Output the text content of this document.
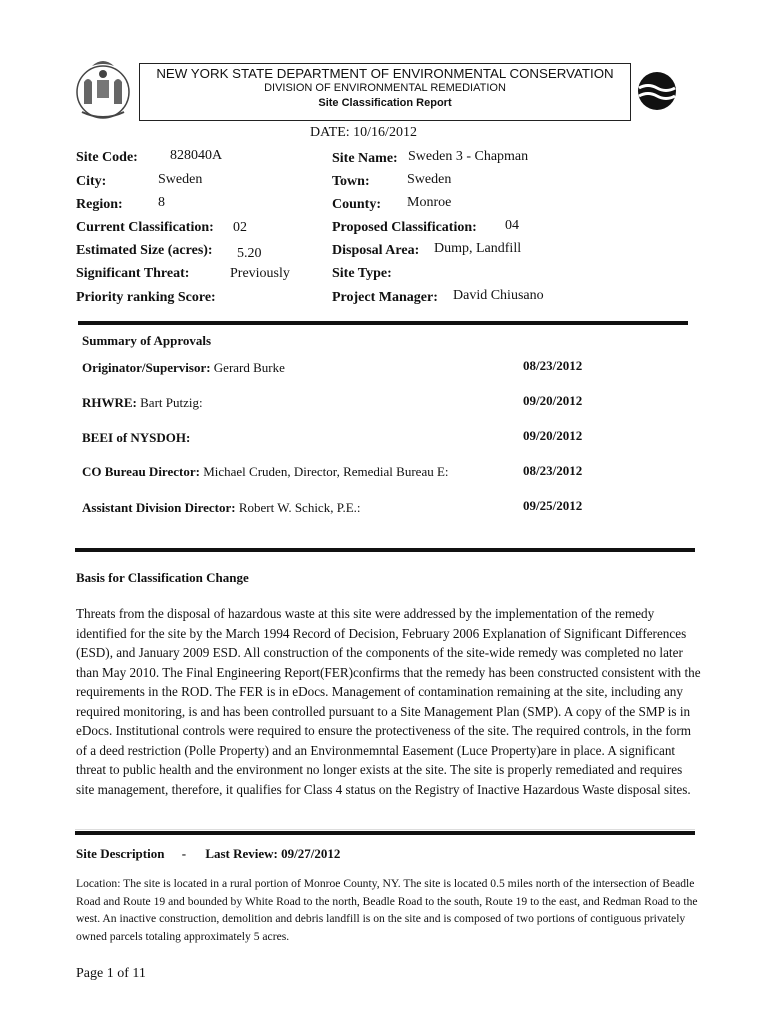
NEW YORK STATE DEPARTMENT OF ENVIRONMENTAL CONSERVATION
DIVISION OF ENVIRONMENTAL REMEDIATION
Site Classification Report
DATE: 10/16/2012
Site Code: 828040A
City:	Sweden
Region:	8
Current Classification: 02
Estimated Size (acres): 5.20
Significant Threat:	Previously
Priority ranking Score:
Site Name: Sweden 3 - Chapman
Town:	Sweden
County: Monroe
Proposed Classification: 04
Disposal Area: Dump, Landfill
Site Type:
Project Manager: David Chiusano
Summary of Approvals
Originator/Supervisor: Gerard Burke	08/23/2012
RHWRE: Bart Putzig:	09/20/2012
BEEI of NYSDOH:	09/20/2012
CO Bureau Director: Michael Cruden, Director, Remedial Bureau E:	08/23/2012
Assistant Division Director: Robert W. Schick, P.E.:	09/25/2012
Basis for Classification Change
Threats from the disposal of hazardous waste at this site were addressed by the implementation of the remedy identified for the site by the March 1994 Record of Decision, February 2006 Explanation of Significant Differences (ESD), and January 2009 ESD. All construction of the components of the site-wide remedy was completed no later than May 2010. The Final Engineering Report(FER)confirms that the remedy has been constructed consistent with the requirements in the ROD. The FER is in eDocs. Management of contamination remaining at the site, including any required monitoring, is and has been controlled pursuant to a Site Management Plan (SMP). A copy of the SMP is in eDocs. Institutional controls were required to ensure the protectiveness of the site. The required controls, in the form of a deed restriction (Polle Property) and an Environmemntal Easement (Luce Property)are in place. A significant threat to public health and the environment no longer exists at the site. The site is properly remediated and requires site management, therefore, it qualifies for Class 4 status on the Registry of Inactive Hazardous Waste disposal sites.
Site Description - Last Review: 09/27/2012
Location: The site is located in a rural portion of Monroe County, NY. The site is located 0.5 miles north of the intersection of Beadle Road and Route 19 and bounded by White Road to the north, Beadle Road to the south, Route 19 to the east, and Redman Road to the west. An inactive construction, demolition and debris landfill is on the site and is composed of two portions of contiguous privately owned parcels totaling approximately 5 acres.
Page 1 of 11
